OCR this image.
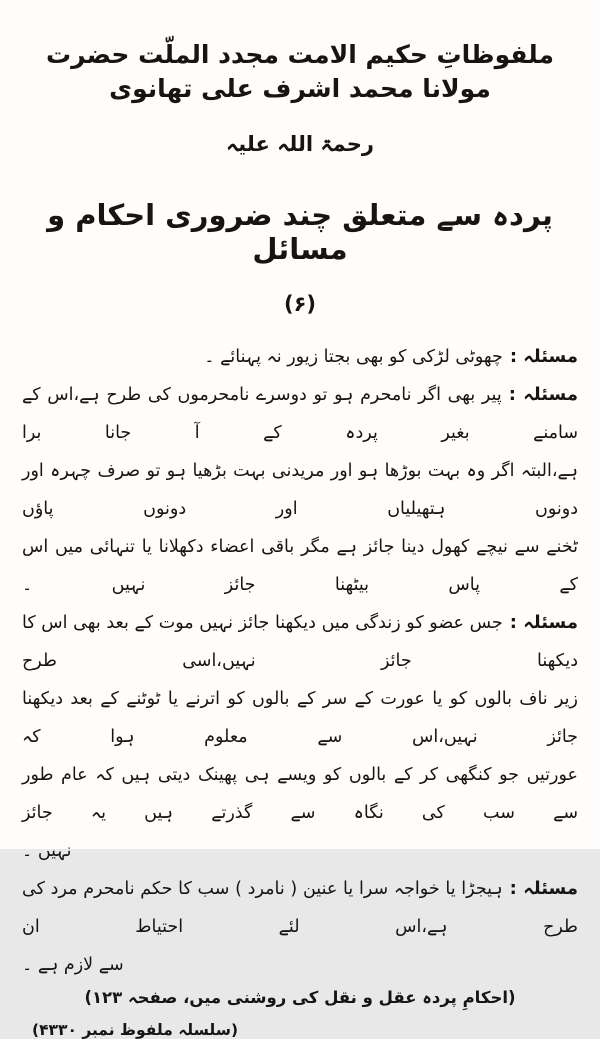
ملفوظاتِ حکیم الامت مجدد الملّت حضرت مولانا محمد اشرف علی تھانوی
رحمۃ اللہ علیہ
پردہ سے متعلق چند ضروری احکام و مسائل
(۶)
مسئلہ :چھوٹی لڑکی کو بھی بجتا زیور نہ پہنائے ۔
مسئلہ :پیر بھی اگر نامحرم ہو تو دوسرے نامحرموں کی طرح ہے،اس کے سامنے بغیر پردہ کے آ جانا برا
ہے،البتہ اگر وہ بہت بوڑھا ہو اور مریدنی بہت بڑھیا ہو تو صرف چہرہ اور دونوں ہتھیلیاں اور دونوں پاؤں
ٹخنے سے نیچے کھول دینا جائز ہے مگر باقی اعضاء دکھلانا یا تنہائی میں اس کے پاس بیٹھنا جائز نہیں ۔
مسئلہ :جس عضو کو زندگی میں دیکھنا جائز نہیں موت کے بعد بھی اس کا دیکھنا جائز نہیں،اسی طرح
زیر ناف بالوں کو یا عورت کے سر کے بالوں کو اترنے یا ٹوٹنے کے بعد دیکھنا جائز نہیں،اس سے معلوم ہوا کہ
عورتیں جو کنگھی کر کے بالوں کو ویسے ہی پھینک دیتی ہیں کہ عام طور سے سب کی نگاہ سے گذرتے ہیں یہ جائز
نہیں ۔
مسئلہ :ہیجڑا یا خواجہ سرا یا عنین ( نامرد ) سب کا حکم نامحرم مرد کی طرح ہے،اس لئے احتیاط ان
سے لازم ہے ۔
(احکامِ پردہ عقل و نقل کی روشنی میں، صفحہ ۱۲۳)
(سلسلہ ملفوظ نمبر ۴۳۳۰)
